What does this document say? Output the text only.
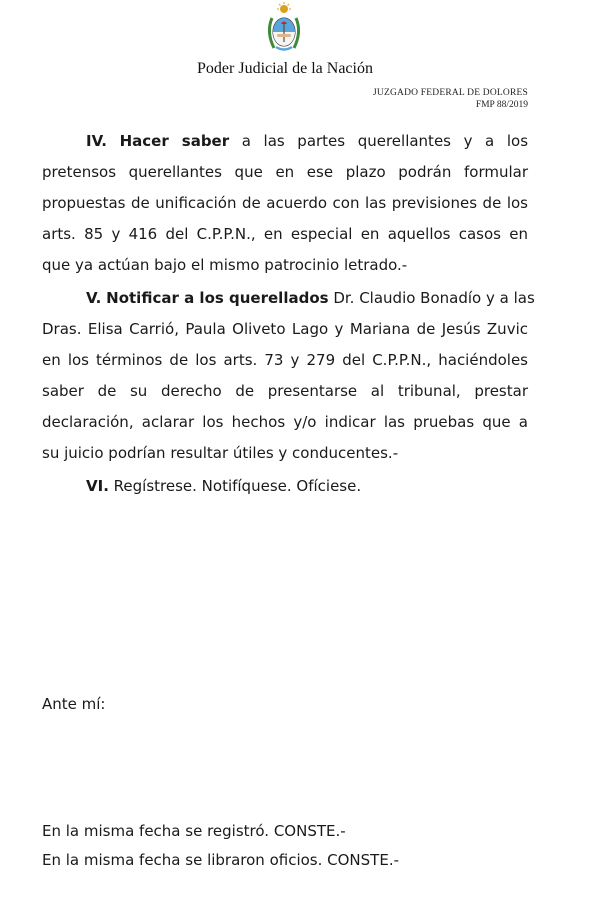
Poder Judicial de la Nación
JUZGADO FEDERAL DE DOLORES
FMP 88/2019
IV. Hacer saber a las partes querellantes y a los
pretensos querellantes que en ese plazo podrán formular
propuestas de unificación de acuerdo con las previsiones de los
arts. 85 y 416 del C.P.P.N., en especial en aquellos casos en
que ya actúan bajo el mismo patrocinio letrado.-
V. Notificar a los querellados Dr. Claudio Bonadío y a las
Dras. Elisa Carrió, Paula Oliveto Lago y Mariana de Jesús Zuvic
en los términos de los arts. 73 y 279 del C.P.P.N., haciéndoles
saber de su derecho de presentarse al tribunal, prestar
declaración, aclarar los hechos y/o indicar las pruebas que a
su juicio podrían resultar útiles y conducentes.-
VI. Regístrese. Notifíquese. Ofíciese.
Ante mí:
En la misma fecha se registró. CONSTE.-
En la misma fecha se libraron oficios. CONSTE.-
